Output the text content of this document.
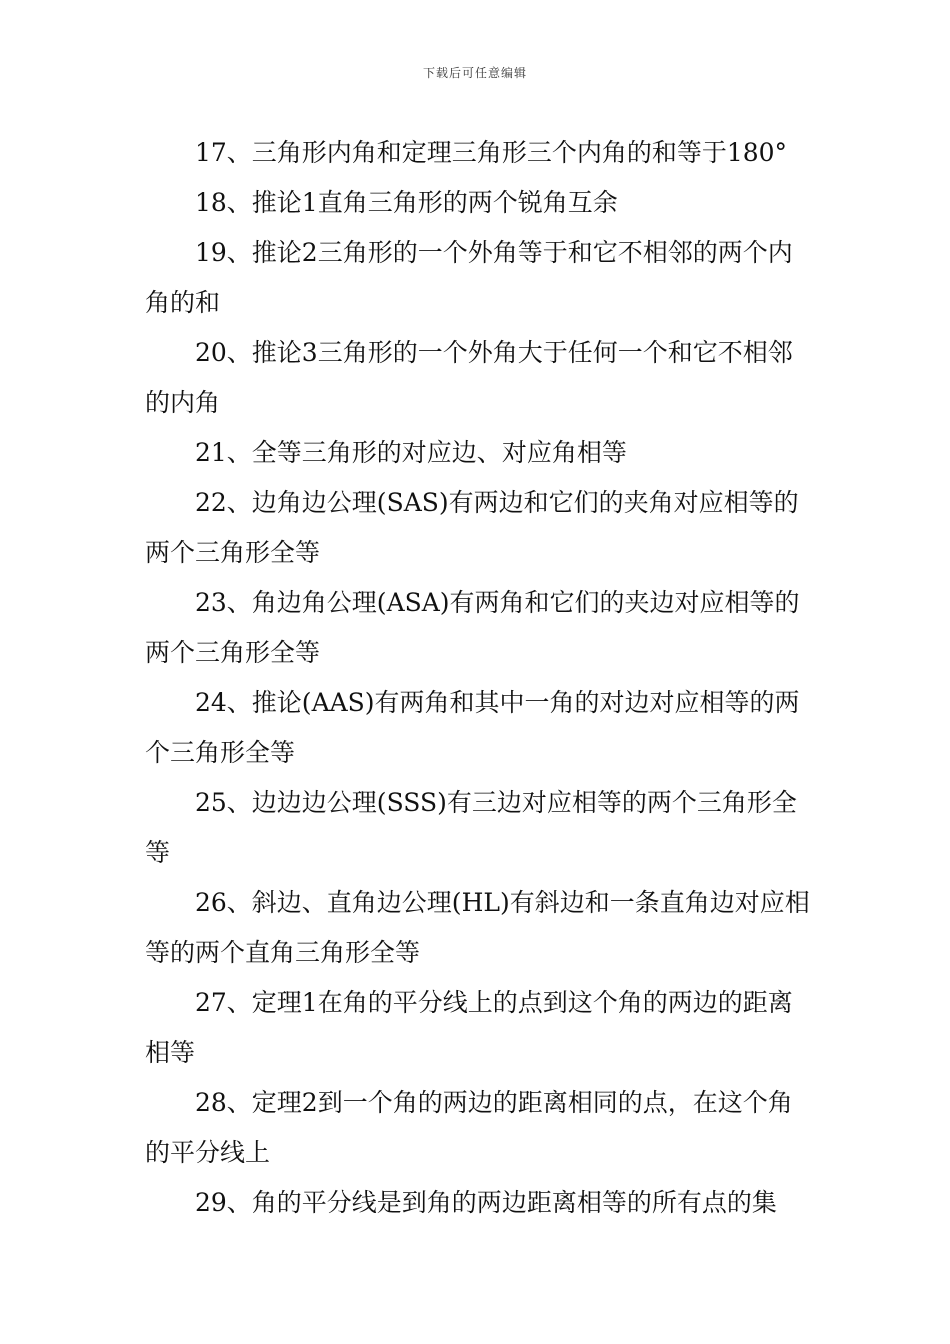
下载后可任意编辑

17、三角形内角和定理三角形三个内角的和等于180°

18、推论1直角三角形的两个锐角互余

19、推论2三角形的一个外角等于和它不相邻的两个内角的和

20、推论3三角形的一个外角大于任何一个和它不相邻的内角

21、全等三角形的对应边、对应角相等

22、边角边公理(SAS)有两边和它们的夹角对应相等的两个三角形全等

23、角边角公理(ASA)有两角和它们的夹边对应相等的两个三角形全等

24、推论(AAS)有两角和其中一角的对边对应相等的两个三角形全等

25、边边边公理(SSS)有三边对应相等的两个三角形全等

26、斜边、直角边公理(HL)有斜边和一条直角边对应相等的两个直角三角形全等

27、定理1在角的平分线上的点到这个角的两边的距离相等

28、定理2到一个角的两边的距离相同的点，在这个角的平分线上

29、角的平分线是到角的两边距离相等的所有点的集
